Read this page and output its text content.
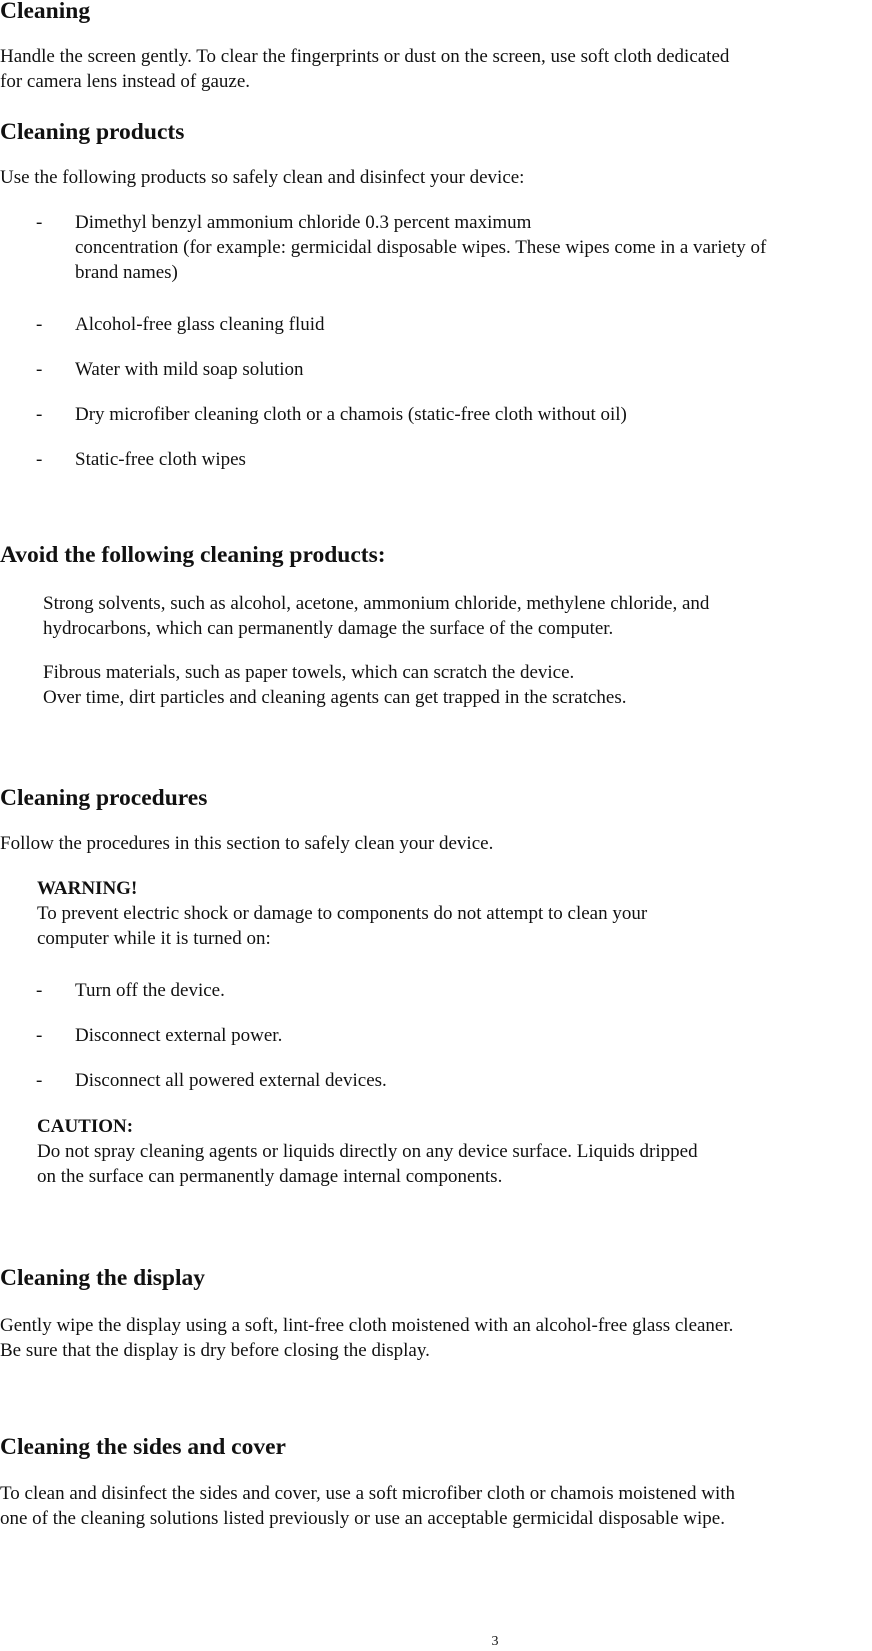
Cleaning

Handle the screen gently. To clear the fingerprints or dust on the screen, use soft cloth dedicated

for camera lens instead of gauze.

Cleaning products

Use the following products so safely clean and disinfect your device:

- Dimethyl benzyl ammonium chloride 0.3 percent maximum
concentration (for example: germicidal disposable wipes. These wipes come in a variety of
brand names)
- Alcohol-free glass cleaning fluid
- Water with mild soap solution
- Dry microfiber cleaning cloth or a chamois (static-free cloth without oil)
- Static-free cloth wipes
Avoid the following cleaning products:
Strong solvents, such as alcohol, acetone, ammonium chloride, methylene chloride, and
hydrocarbons, which can permanently damage the surface of the computer.
Fibrous materials, such as paper towels, which can scratch the device.
Over time, dirt particles and cleaning agents can get trapped in the scratches.
Cleaning procedures

Follow the procedures in this section to safely clean your device.

WARNING!
To prevent electric shock or damage to components do not attempt to clean your
computer while it is turned on:
- Turn off the device.
- Disconnect external power.
- Disconnect all powered external devices.
CAUTION:
Do not spray cleaning agents or liquids directly on any device surface. Liquids dripped
on the surface can permanently damage internal components.
Cleaning the display

Gently wipe the display using a soft, lint-free cloth moistened with an alcohol-free glass cleaner.

Be sure that the display is dry before closing the display.

Cleaning the sides and cover

To clean and disinfect the sides and cover, use a soft microfiber cloth or chamois moistened with

one of the cleaning solutions listed previously or use an acceptable germicidal disposable wipe.

3
